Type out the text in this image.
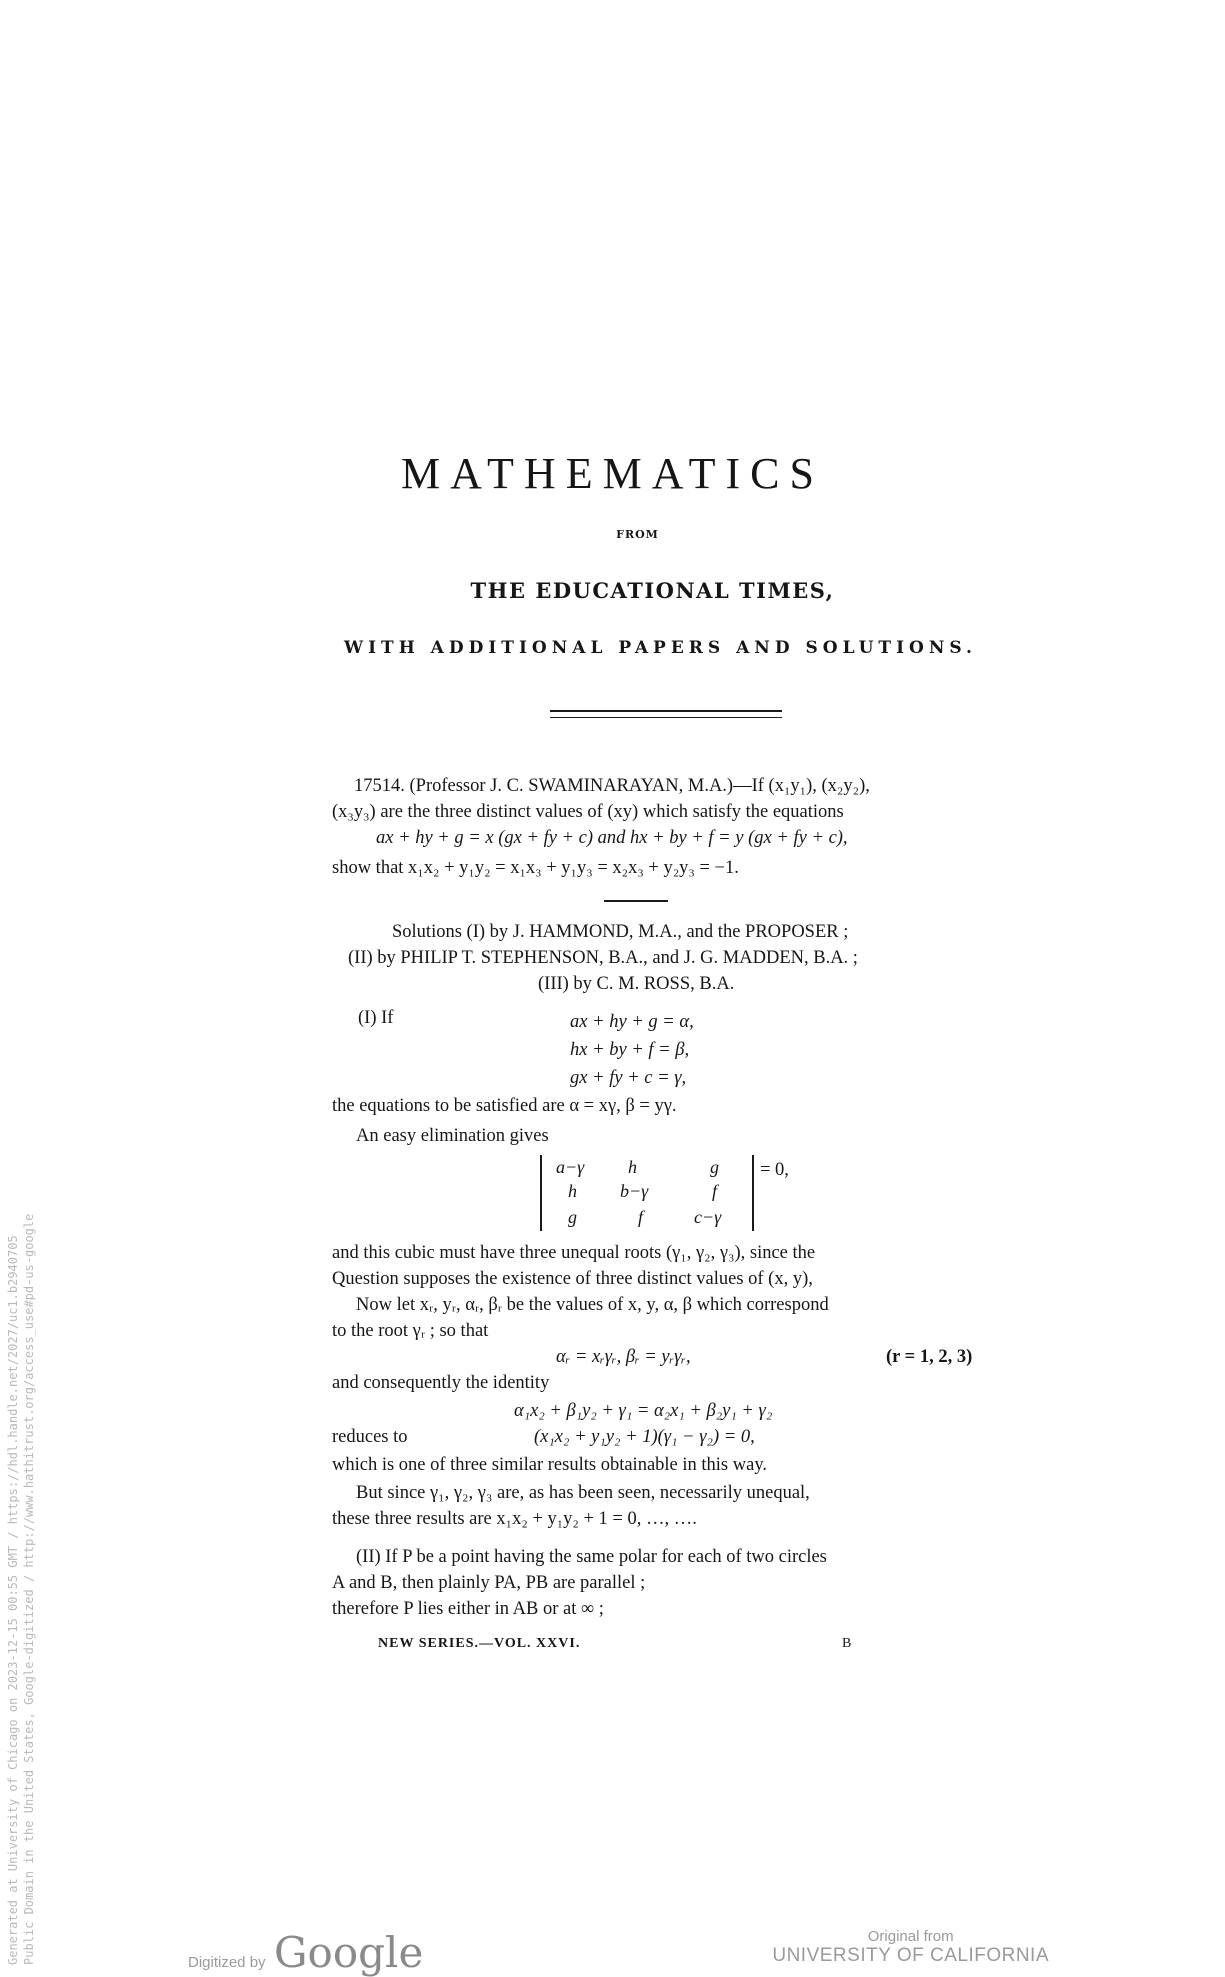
MATHEMATICS
FROM
THE EDUCATIONAL TIMES,
WITH ADDITIONAL PAPERS AND SOLUTIONS.
17514. (Professor J. C. SWAMINARAYAN, M.A.)—If (x₁y₁), (x₂y₂),
(x₃y₃) are the three distinct values of (xy) which satisfy the equations
ax + hy + g = x (gx + fy + c) and hx + by + f = y (gx + fy + c),
show that x₁x₂ + y₁y₂ = x₁x₃ + y₁y₃ = x₂x₃ + y₂y₃ = −1.
Solutions (I) by J. HAMMOND, M.A., and the PROPOSER ;
(II) by PHILIP T. STEPHENSON, B.A., and J. G. MADDEN, B.A. ;
(III) by C. M. ROSS, B.A.
(I) If	ax + hy + g = α,
hx + by + f = β,
gx + fy + c = γ,
the equations to be satisfied are α = xγ, β = yγ.
An easy elimination gives
a−γ h	g
h b−γ	f
g	f	c−γ
= 0,
and this cubic must have three unequal roots (γ₁, γ₂, γ₃), since the
Question supposes the existence of three distinct values of (x, y),
Now let xᵣ, yᵣ, αᵣ, βᵣ be the values of x, y, α, β which correspond
to the root γᵣ ; so that
αᵣ = xᵣγᵣ, βᵣ = yᵣγᵣ,	(r = 1, 2, 3)
and consequently the identity
α₁x₂ + β₁y₂ + γ₁ = α₂x₁ + β₂y₁ + γ₂
reduces to	(x₁x₂ + y₁y₂ + 1)(γ₁ − γ₂) = 0,
which is one of three similar results obtainable in this way.
But since γ₁, γ₂, γ₃ are, as has been seen, necessarily unequal,
these three results are x₁x₂ + y₁y₂ + 1 = 0, …, ….
(II) If P be a point having the same polar for each of two circles
A and B, then plainly PA, PB are parallel ;
therefore P lies either in AB or at ∞ ;
NEW SERIES.—VOL. XXVI.	B
Generated at University of Chicago on 2023-12-15 00:55 GMT / https://hdl.handle.net/2027/uc1.b2940705 Public Domain in the United States, Google-digitized / http://www.hathitrust.org/access_use#pd-us-google	Digitized by Google	Original from
UNIVERSITY OF CALIFORNIA
